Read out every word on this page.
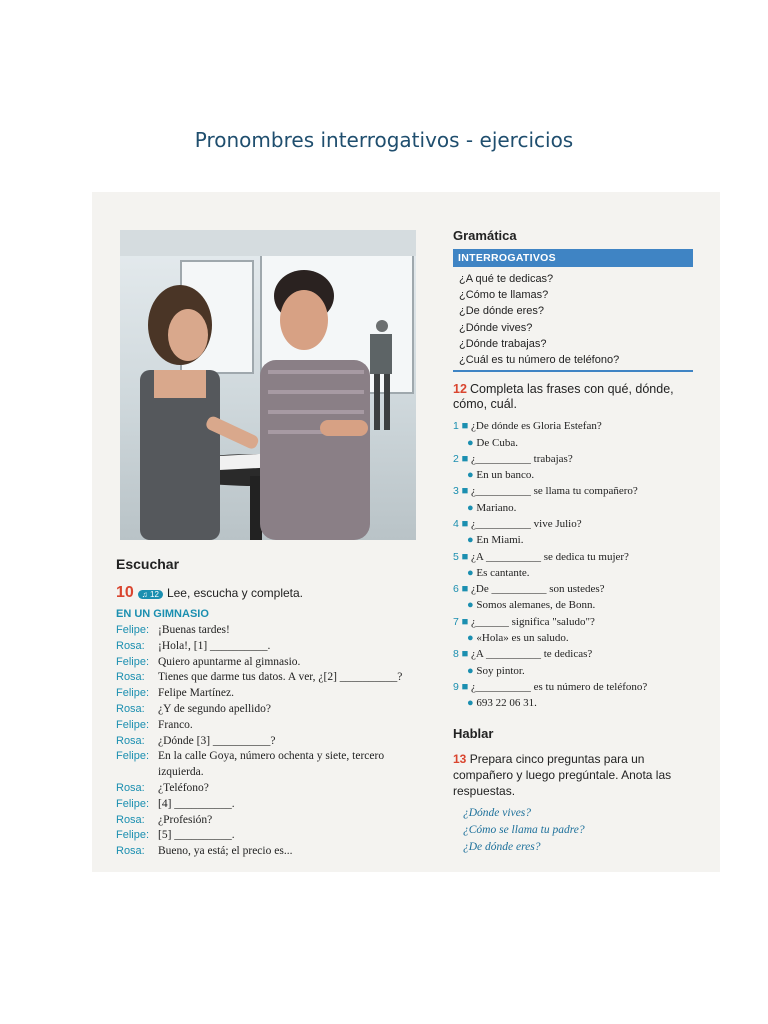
Pronombres interrogativos - ejercicios

Escuchar

10 ♫ 12 Lee, escucha y completa.
EN UN GIMNASIO
Felipe: ¡Buenas tardes!
Rosa:	¡Hola!, [1] __________.
Felipe: Quiero apuntarme al gimnasio.
Rosa:	Tienes que darme tus datos. A ver, ¿[2] __________?
Felipe: Felipe Martínez.
Rosa:	¿Y de segundo apellido?
Felipe: Franco.
Rosa:	¿Dónde [3] __________?
Felipe: En la calle Goya, número ochenta y siete, tercero izquierda.
Rosa:	¿Teléfono?
Felipe: [4] __________.
Rosa:	¿Profesión?
Felipe: [5] __________.
Rosa:	Bueno, ya está; el precio es...

Gramática

INTERROGATIVOS
¿A qué te dedicas?
¿Cómo te llamas?
¿De dónde eres?
¿Dónde vives?
¿Dónde trabajas?
¿Cuál es tu número de teléfono?
12 Completa las frases con qué, dónde, cómo, cuál.
1 ■ ¿De dónde es Gloria Estefan?
● De Cuba.
2 ■ ¿__________ trabajas?
● En un banco.
3 ■ ¿__________ se llama tu compañero?
● Mariano.
4 ■ ¿__________ vive Julio?
● En Miami.
5 ■ ¿A __________ se dedica tu mujer?
● Es cantante.
6 ■ ¿De __________ son ustedes?
● Somos alemanes, de Bonn.
7 ■ ¿______ significa "saludo"?
● «Hola» es un saludo.
8 ■ ¿A __________ te dedicas?
● Soy pintor.
9 ■ ¿__________ es tu número de teléfono?
● 693 22 06 31.

Hablar

13 Prepara cinco preguntas para un compañero y luego pregúntale. Anota las respuestas.
¿Dónde vives?
¿Cómo se llama tu padre?
¿De dónde eres?
